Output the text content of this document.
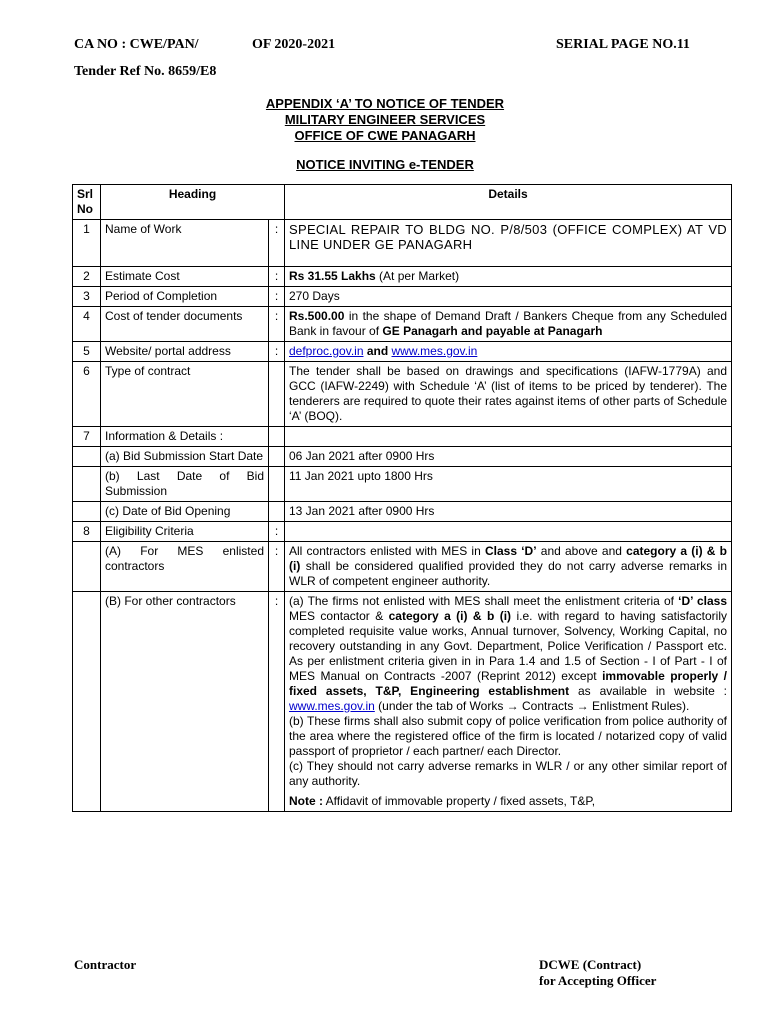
CA NO : CWE/PAN/	OF 2020-2021	SERIAL PAGE NO.11
Tender Ref No. 8659/E8
APPENDIX ‘A’ TO NOTICE OF TENDER
MILITARY ENGINEER SERVICES
OFFICE OF CWE PANAGARH
NOTICE INVITING e-TENDER
Srl No	Heading		Details
1	Name of Work	:	SPECIAL REPAIR TO BLDG NO. P/8/503 (OFFICE COMPLEX) AT VD LINE UNDER GE PANAGARH
2	Estimate Cost	:	Rs 31.55 Lakhs (At per Market)
3	Period of Completion	:	270 Days
4	Cost of tender documents	:	Rs.500.00 in the shape of Demand Draft / Bankers Cheque from any Scheduled Bank in favour of GE Panagarh and payable at Panagarh
5	Website/ portal address	:	defproc.gov.in and www.mes.gov.in
6	Type of contract		The tender shall be based on drawings and specifications (IAFW-1779A) and GCC (IAFW-2249) with Schedule ‘A’ (list of items to be priced by tenderer). The tenderers are required to quote their rates against items of other parts of Schedule ‘A’ (BOQ).
7	Information & Details :		
	(a) Bid Submission Start Date		06 Jan 2021 after 0900 Hrs
	(b) Last Date of Bid Submission		11 Jan 2021 upto 1800 Hrs
	(c) Date of Bid Opening		13 Jan 2021 after 0900 Hrs
8	Eligibility Criteria	:	
	(A) For MES enlisted contractors	:	All contractors enlisted with MES in Class ‘D’ and above and category a (i) & b (i) shall be considered qualified provided they do not carry adverse remarks in WLR of competent engineer authority.
	(B) For other contractors	:	(a) The firms not enlisted with MES shall meet the enlistment criteria of ‘D’ class MES contactor & category a (i) & b (i) i.e. with regard to having satisfactorily completed requisite value works, Annual turnover, Solvency, Working Capital, no recovery outstanding in any Govt. Department, Police Verification / Passport etc. As per enlistment criteria given in in Para 1.4 and 1.5 of Section - I of Part - I of MES Manual on Contracts -2007 (Reprint 2012) except immovable properly / fixed assets, T&P, Engineering establishment as available in website : www.mes.gov.in (under the tab of Works → Contracts → Enlistment Rules).

(b) These firms shall also submit copy of police verification from police authority of the area where the registered office of the firm is located / notarized copy of valid passport of proprietor / each partner/ each Director.

(c) They should not carry adverse remarks in WLR / or any other similar report of any authority.

Note : Affidavit of immovable property / fixed assets, T&P,

Contractor	DCWE (Contract)
for Accepting Officer
